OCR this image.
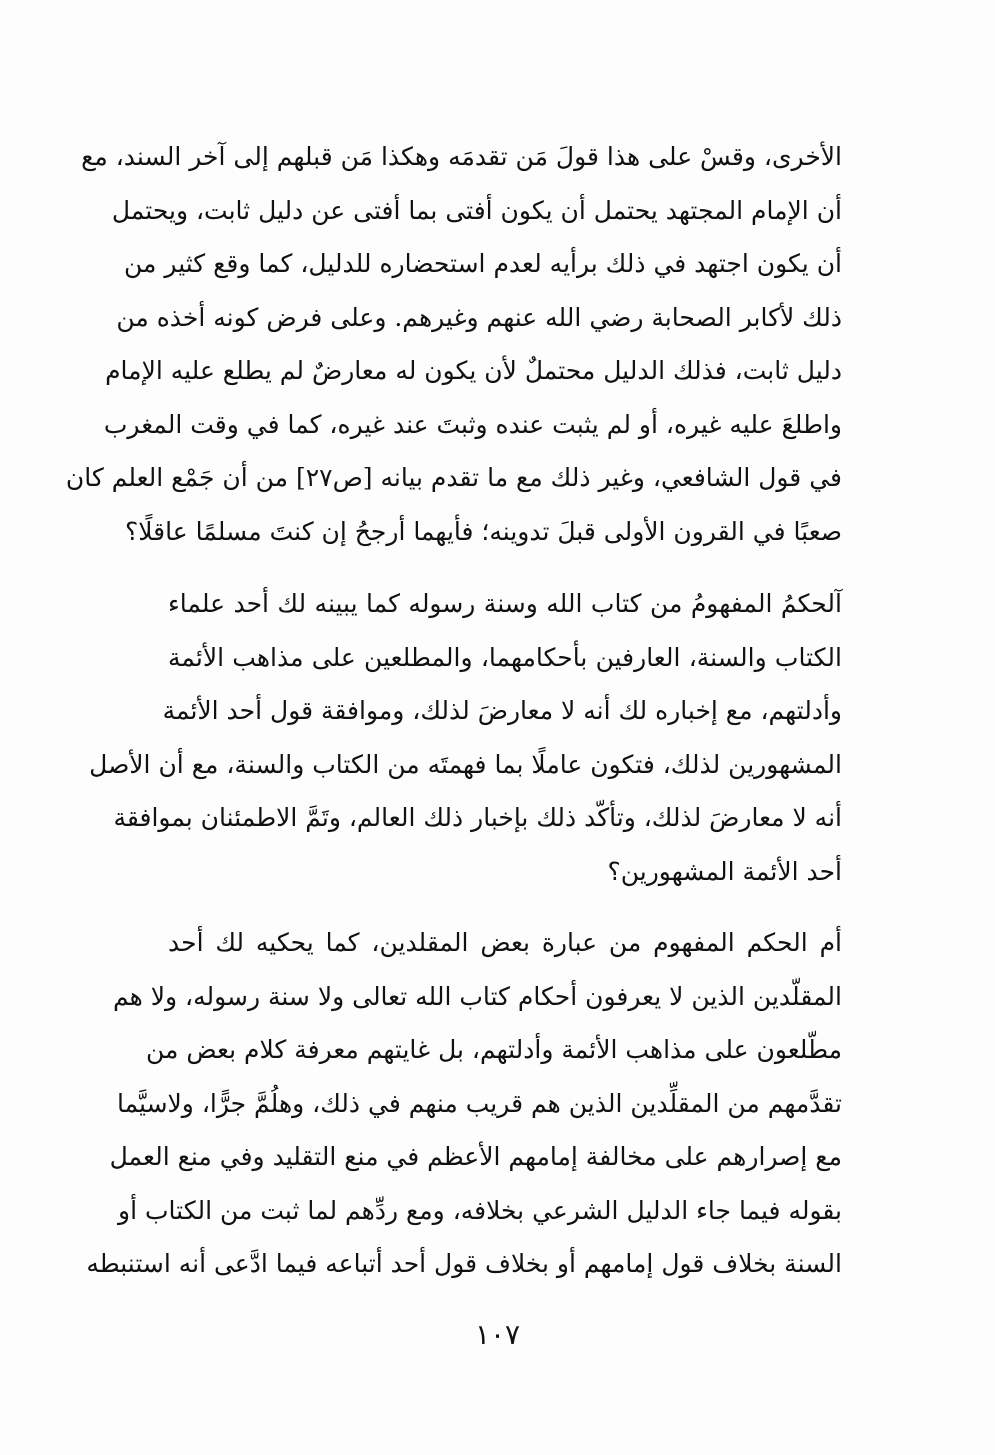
الأخرى، وقسْ على هذا قولَ مَن تقدمَه وهكذا مَن قبلهم إلى آخر السند، مع
أن الإمام المجتهد يحتمل أن يكون أفتى بما أفتى عن دليل ثابت، ويحتمل
أن يكون اجتهد في ذلك برأيه لعدم استحضاره للدليل، كما وقع كثير من
ذلك لأكابر الصحابة رضي الله عنهم وغيرهم. وعلى فرض كونه أخذه من
دليل ثابت، فذلك الدليل محتملٌ لأن يكون له معارضٌ لم يطلع عليه الإمام
واطلعَ عليه غيره، أو لم يثبت عنده وثبتَ عند غيره، كما في وقت المغرب
في قول الشافعي، وغير ذلك مع ما تقدم بيانه [ص٢٧] من أن جَمْع العلم كان
صعبًا في القرون الأولى قبلَ تدوينه؛ فأيهما أرجحُ إن كنتَ مسلمًا عاقلًا؟
آلحكمُ المفهومُ من كتاب الله وسنة رسوله كما يبينه لك أحد علماء
الكتاب والسنة، العارفين بأحكامهما، والمطلعين على مذاهب الأئمة
وأدلتهم، مع إخباره لك أنه لا معارضَ لذلك، وموافقة قول أحد الأئمة
المشهورين لذلك، فتكون عاملًا بما فهمتَه من الكتاب والسنة، مع أن الأصل
أنه لا معارضَ لذلك، وتأكّد ذلك بإخبار ذلك العالم، وتَمَّ الاطمئنان بموافقة
أحد الأئمة المشهورين؟
أم الحكم المفهوم من عبارة بعض المقلدين، كما يحكيه لك أحد
المقلّدين الذين لا يعرفون أحكام كتاب الله تعالى ولا سنة رسوله، ولا هم
مطّلعون على مذاهب الأئمة وأدلتهم، بل غايتهم معرفة كلام بعض من
تقدَّمهم من المقلِّدين الذين هم قريب منهم في ذلك، وهلُمَّ جرًّا، ولاسيَّما
مع إصرارهم على مخالفة إمامهم الأعظم في منع التقليد وفي منع العمل
بقوله فيما جاء الدليل الشرعي بخلافه، ومع ردِّهم لما ثبت من الكتاب أو
السنة بخلاف قول إمامهم أو بخلاف قول أحد أتباعه فيما ادَّعى أنه استنبطه
١٠٧
